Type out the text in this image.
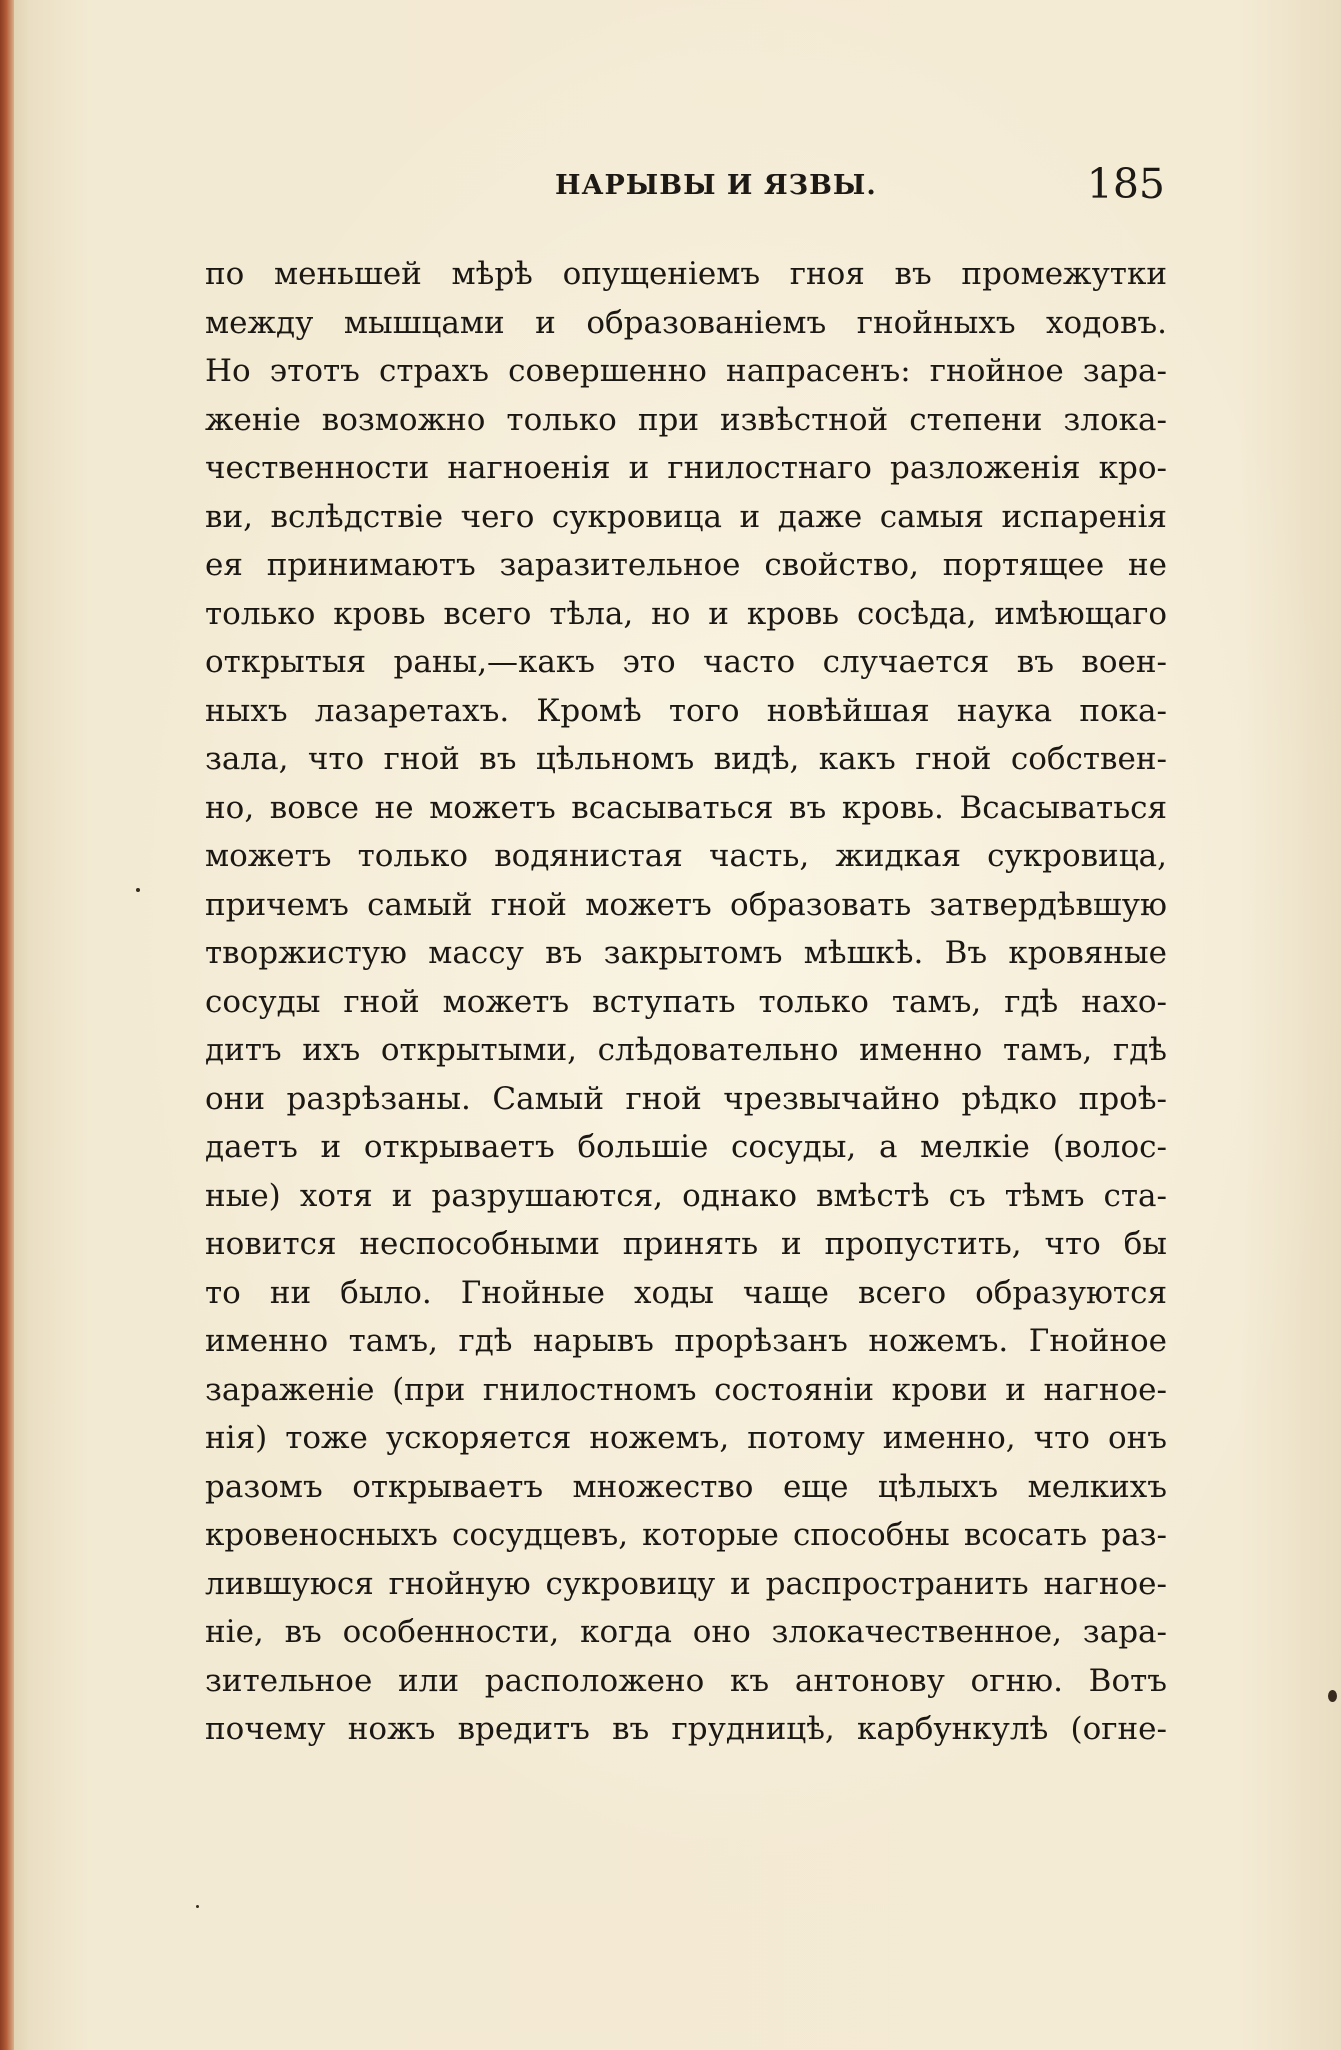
НАРЫВЫ И ЯЗВЫ.	185
по меньшей мѣрѣ опущеніемъ гноя въ промежутки
между мышцами и образованіемъ гнойныхъ ходовъ.
Но этотъ страхъ совершенно напрасенъ: гнойное зара-
женіе возможно только при извѣстной степени злока-
чественности нагноенія и гнилостнаго разложенія кро-
ви, вслѣдствіе чего сукровица и даже самыя испаренія
ея принимаютъ заразительное свойство, портящее не
только кровь всего тѣла, но и кровь сосѣда, имѣющаго
открытыя раны,—какъ это часто случается въ воен-
ныхъ лазаретахъ. Кромѣ того новѣйшая наука пока-
зала, что гной въ цѣльномъ видѣ, какъ гной собствен-
но, вовсе не можетъ всасываться въ кровь. Всасываться
можетъ только водянистая часть, жидкая сукровица,
причемъ самый гной можетъ образовать затвердѣвшую
творжистую массу въ закрытомъ мѣшкѣ. Въ кровяные
сосуды гной можетъ вступать только тамъ, гдѣ нахо-
дитъ ихъ открытыми, слѣдовательно именно тамъ, гдѣ
они разрѣзаны. Самый гной чрезвычайно рѣдко проѣ-
даетъ и открываетъ большіе сосуды, а мелкіе (волос-
ные) хотя и разрушаются, однако вмѣстѣ съ тѣмъ ста-
новится неспособными принять и пропустить, что бы
то ни было. Гнойные ходы чаще всего образуются
именно тамъ, гдѣ нарывъ прорѣзанъ ножемъ. Гнойное
зараженіе (при гнилостномъ состояніи крови и нагное-
нія) тоже ускоряется ножемъ, потому именно, что онъ
разомъ открываетъ множество еще цѣлыхъ мелкихъ
кровеносныхъ сосудцевъ, которые способны всосать раз-
лившуюся гнойную сукровицу и распространить нагное-
ніе, въ особенности, когда оно злокачественное, зара-
зительное или расположено къ антонову огню. Вотъ
почему ножъ вредитъ въ грудницѣ, карбункулѣ (огне-
